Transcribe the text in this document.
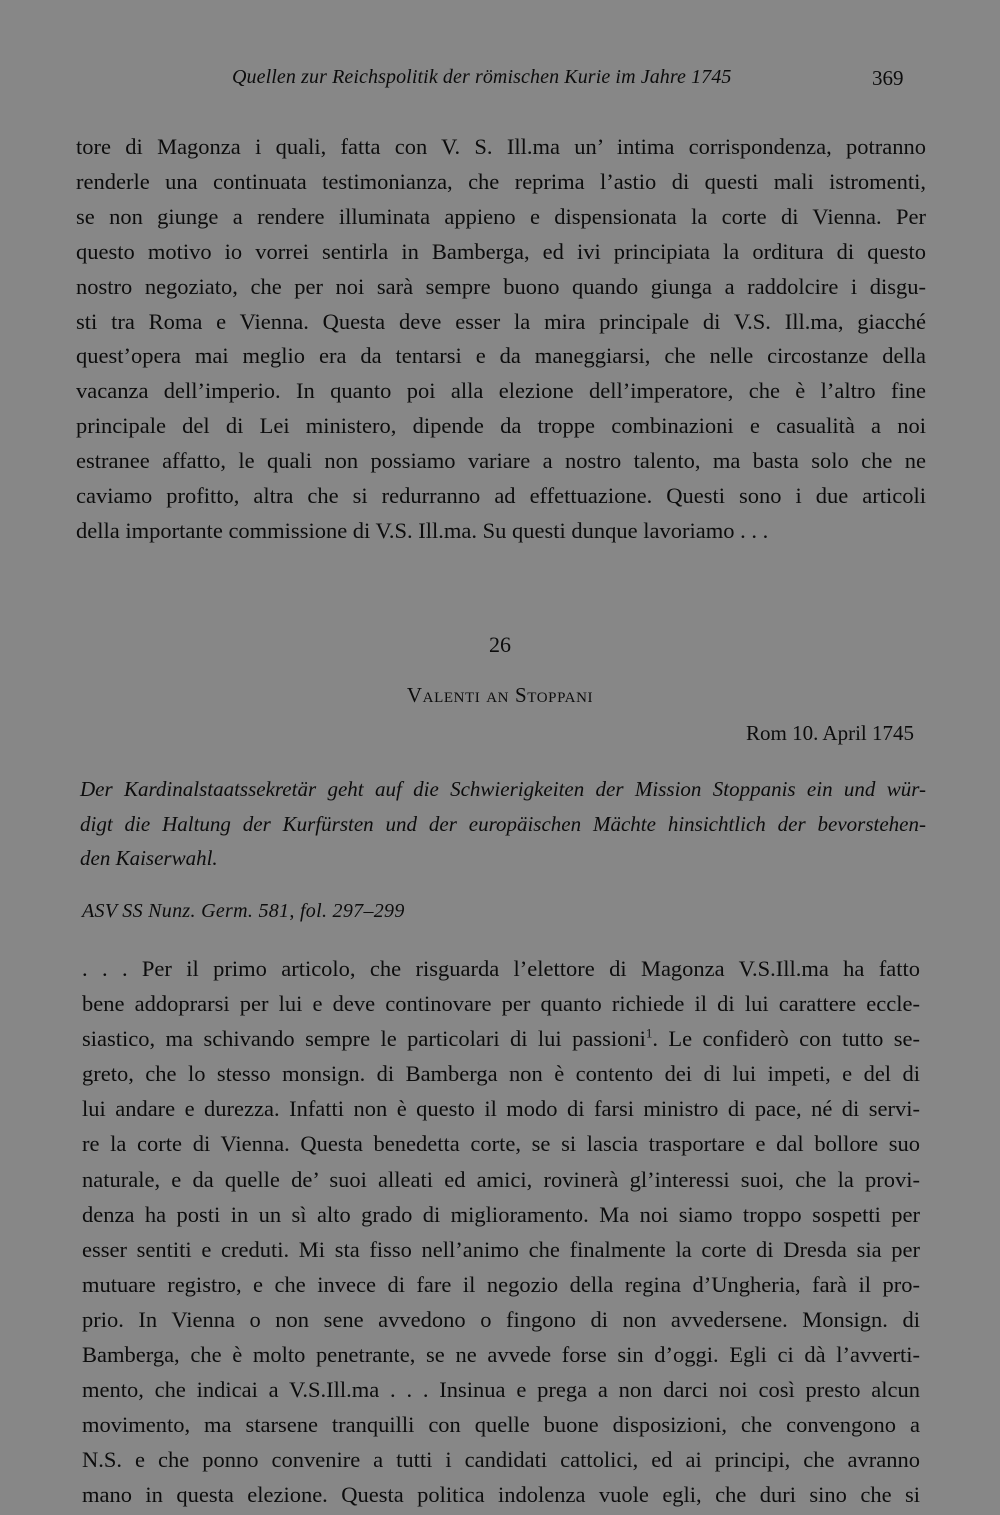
Quellen zur Reichspolitik der römischen Kurie im Jahre 1745	369
tore di Magonza i quali, fatta con V. S. Ill.ma un’ intima corrispondenza, potranno
renderle una continuata testimonianza, che reprima l’astio di questi mali istromenti,
se non giunge a rendere illuminata appieno e dispensionata la corte di Vienna. Per
questo motivo io vorrei sentirla in Bamberga, ed ivi principiata la orditura di questo
nostro negoziato, che per noi sarà sempre buono quando giunga a raddolcire i disgu-
sti tra Roma e Vienna. Questa deve esser la mira principale di V.S. Ill.ma, giacché
quest’opera mai meglio era da tentarsi e da maneggiarsi, che nelle circostanze della
vacanza dell’imperio. In quanto poi alla elezione dell’imperatore, che è l’altro fine
principale del di Lei ministero, dipende da troppe combinazioni e casualità a noi
estranee affatto, le quali non possiamo variare a nostro talento, ma basta solo che ne
caviamo profitto, altra che si redurranno ad effettuazione. Questi sono i due articoli
della importante commissione di V.S. Ill.ma. Su questi dunque lavoriamo . . .
26
Valenti an Stoppani
Rom 10. April 1745
Der Kardinalstaatssekretär geht auf die Schwierigkeiten der Mission Stoppanis ein und wür-
digt die Haltung der Kurfürsten und der europäischen Mächte hinsichtlich der bevorstehen-
den Kaiserwahl.
ASV SS Nunz. Germ. 581, fol. 297–299
. . . Per il primo articolo, che risguarda l’elettore di Magonza V.S.Ill.ma ha fatto
bene addoprarsi per lui e deve continovare per quanto richiede il di lui carattere eccle-
siastico, ma schivando sempre le particolari di lui passioni$^1$. Le confiderò con tutto se-
greto, che lo stesso monsign. di Bamberga non è contento dei di lui impeti, e del di
lui andare e durezza. Infatti non è questo il modo di farsi ministro di pace, né di servi-
re la corte di Vienna. Questa benedetta corte, se si lascia trasportare e dal bollore suo
naturale, e da quelle de’ suoi alleati ed amici, rovinerà gl’interessi suoi, che la provi-
denza ha posti in un sì alto grado di miglioramento. Ma noi siamo troppo sospetti per
esser sentiti e creduti. Mi sta fisso nell’animo che finalmente la corte di Dresda sia per
mutuare registro, e che invece di fare il negozio della regina d’Ungheria, farà il pro-
prio. In Vienna o non sene avvedono o fingono di non avvedersene. Monsign. di
Bamberga, che è molto penetrante, se ne avvede forse sin d’oggi. Egli ci dà l’avverti-
mento, che indicai a V.S.Ill.ma . . . Insinua e prega a non darci noi così presto alcun
movimento, ma starsene tranquilli con quelle buone disposizioni, che convengono a
N.S. e che ponno convenire a tutti i candidati cattolici, ed ai principi, che avranno
mano in questa elezione. Questa politica indolenza vuole egli, che duri sino che si
